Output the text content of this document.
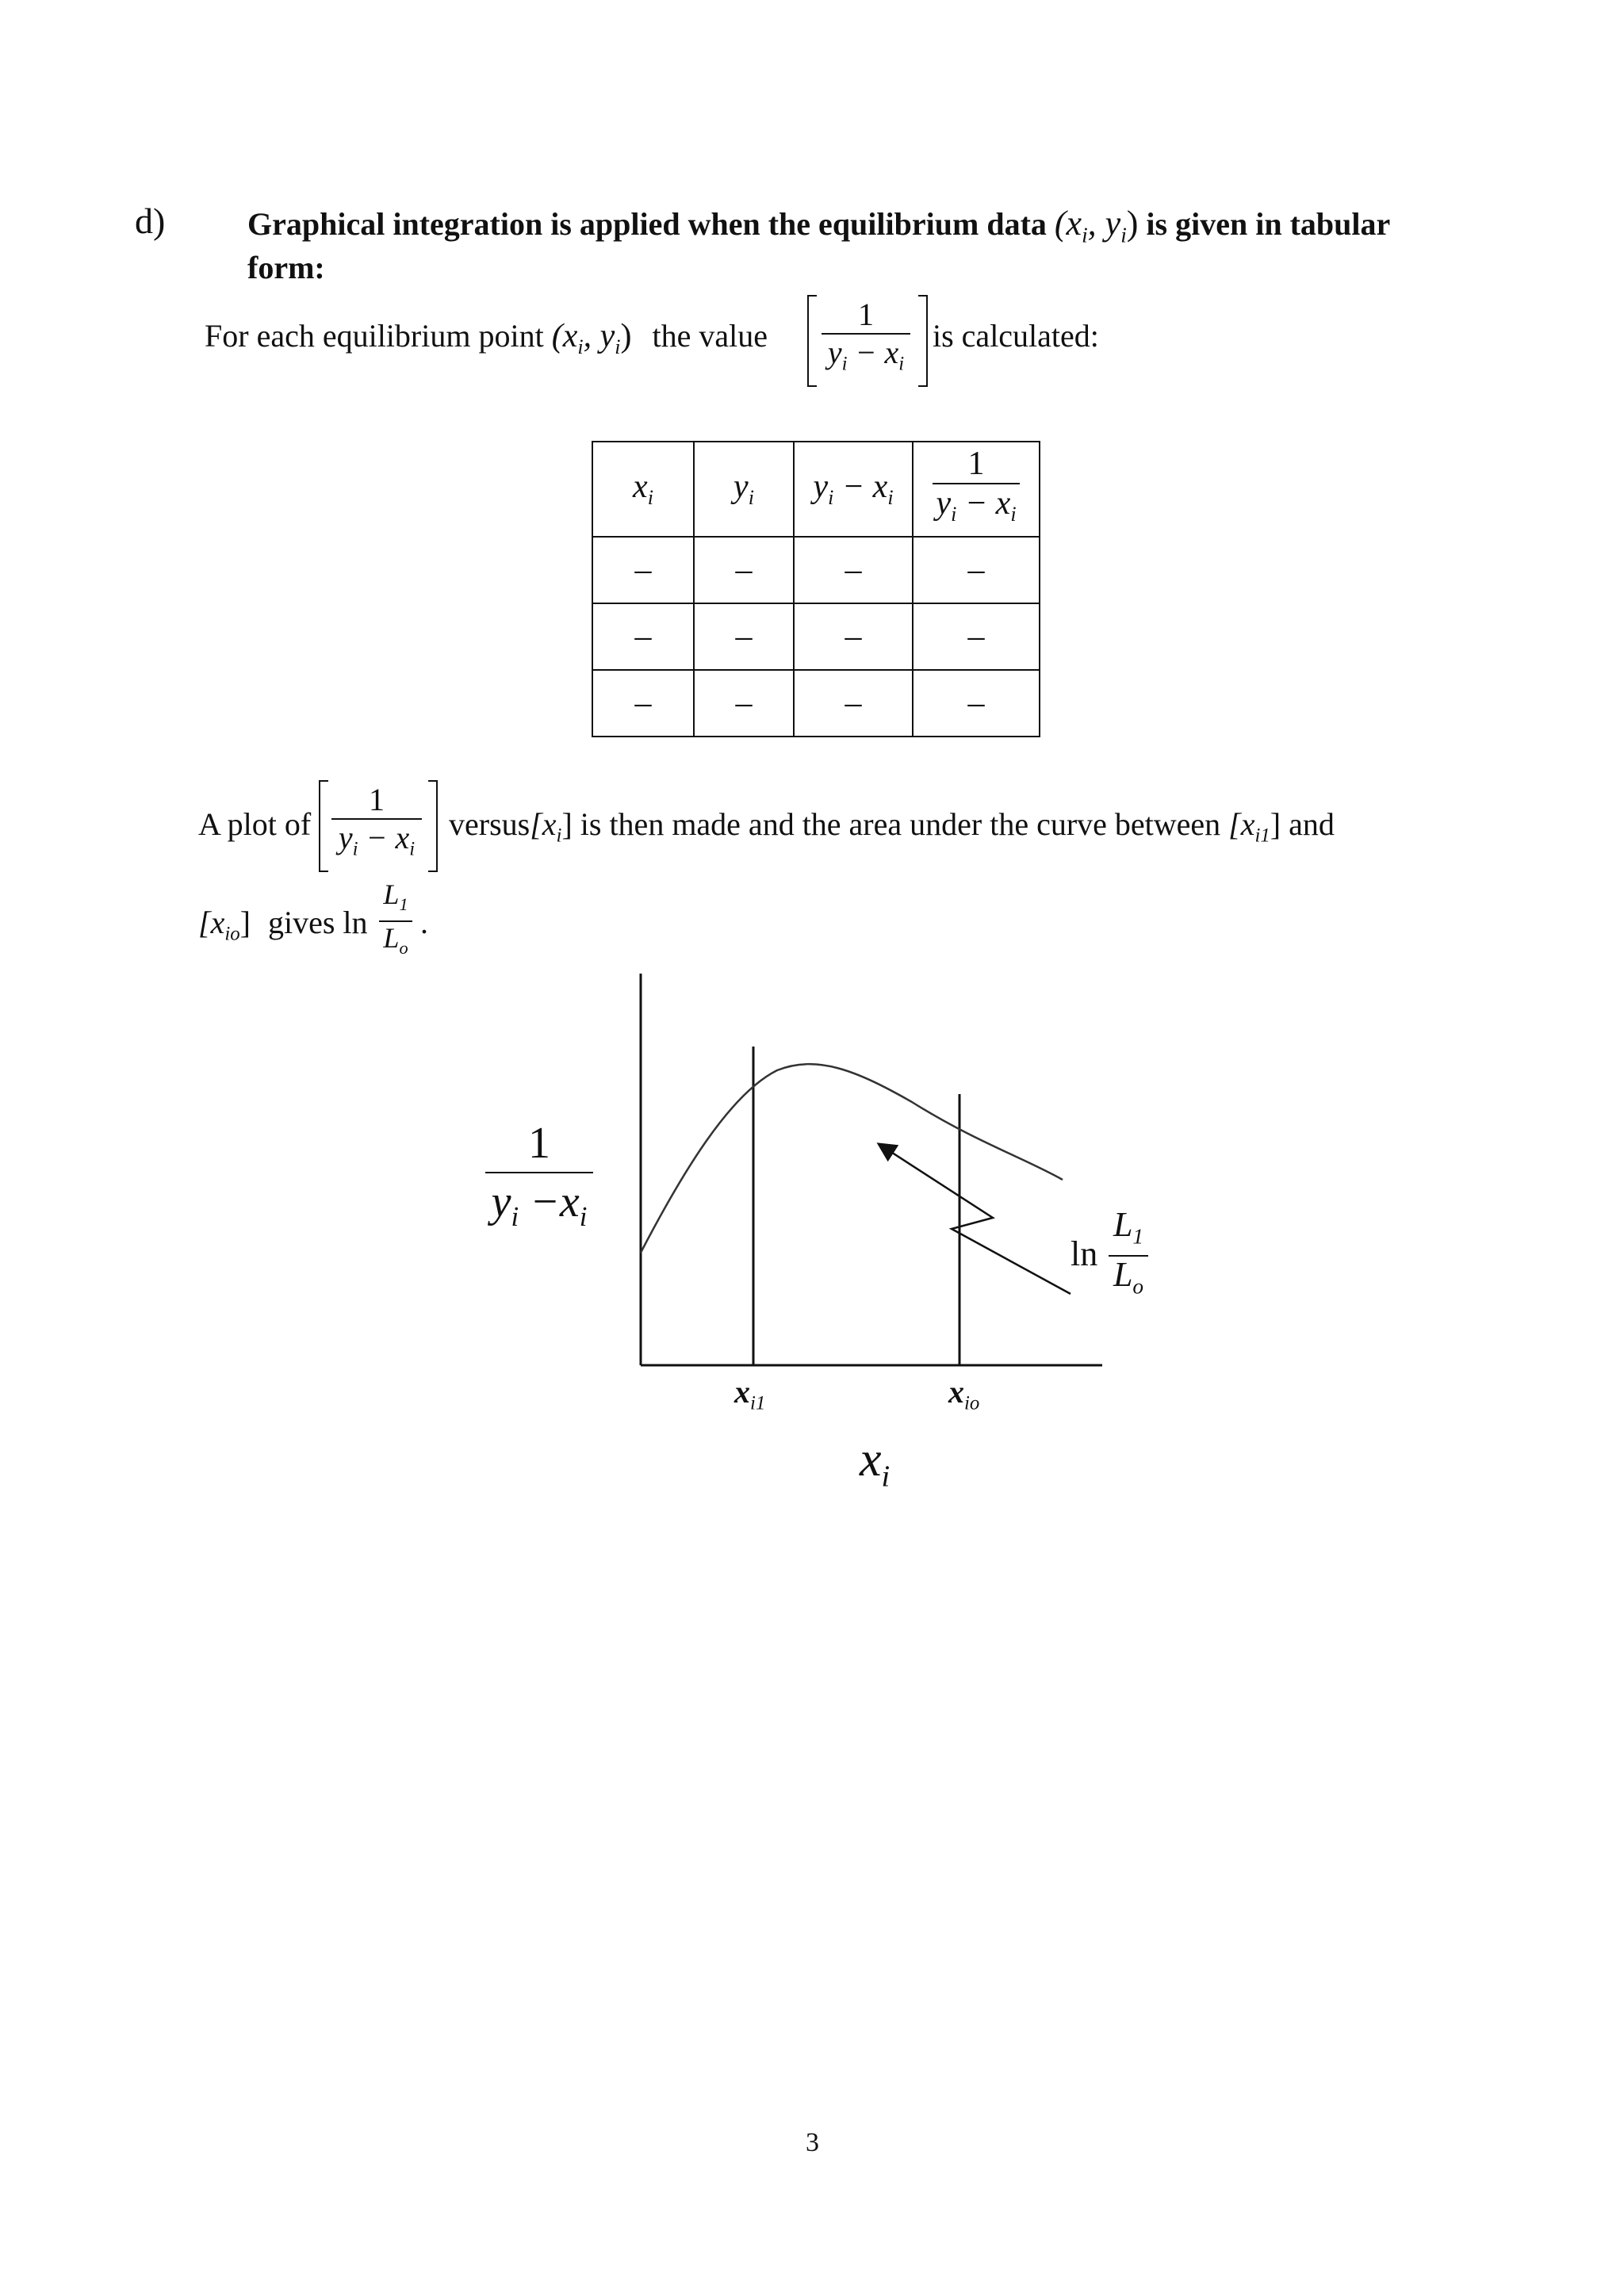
d)	Graphical integration is applied when the equilibrium data ($x_i$, $y_i$) is given in tabular
form:
For each equilibrium point ($x_i$, $y_i$) the value
1
$y_i - x_i$
is calculated:
$x_i$	$y_i$	$y_i - x_i$	1
$y_i - x_i$

–	–	–	–
–	–	–	–
–	–	–	–
A plot of
1
$y_i - x_i$
$versus[x_i]$ is then made and the area under the curve between $[x_{i1}]$ and
$[x_{io}]$ gives ln
$L_1$
$L_o$
.
1
$y_i -x_i$
$x_{i1}$	$x_{io}$
$x_i$
ln
$L_1$
$L_o$
3
